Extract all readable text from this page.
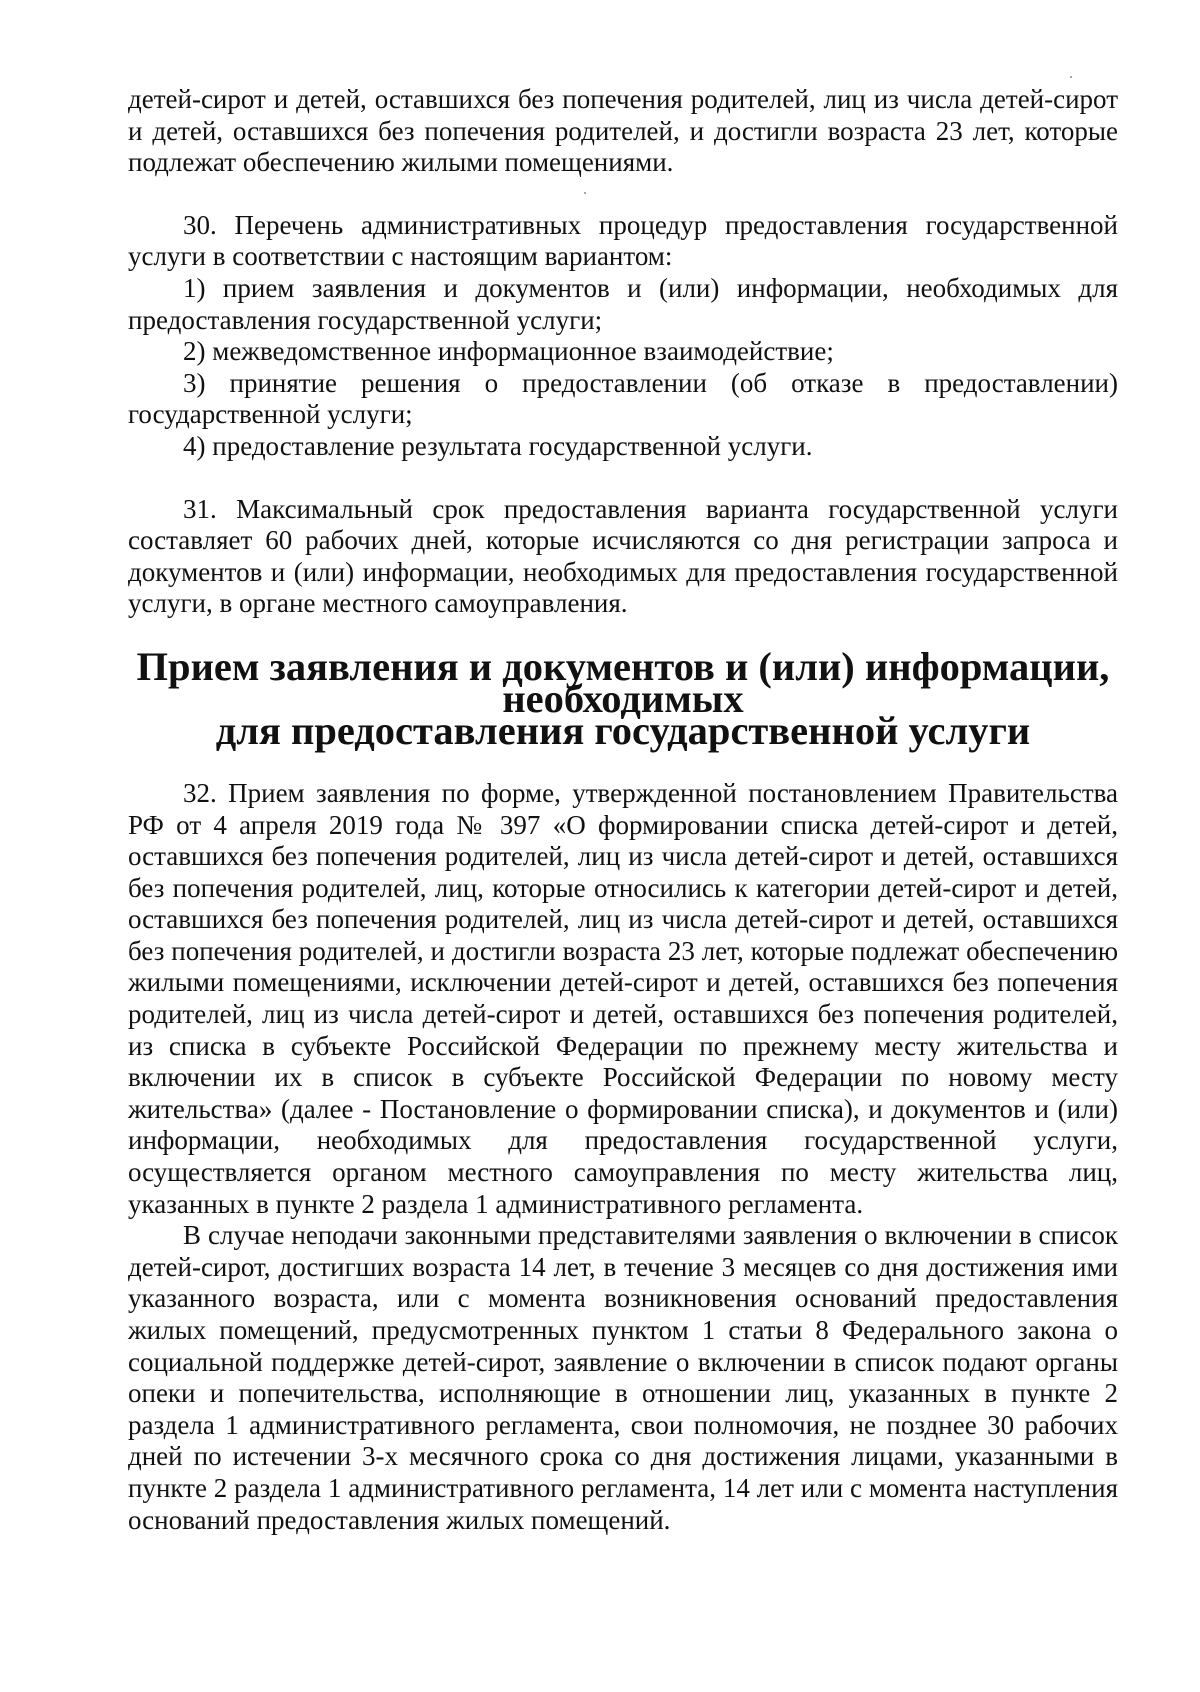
детей-сирот и детей, оставшихся без попечения родителей, лиц из числа детей-сирот и детей, оставшихся без попечения родителей, и достигли возраста 23 лет, которые подлежат обеспечению жилыми помещениями.

30. Перечень административных процедур предоставления государственной услуги в соответствии с настоящим вариантом:

1) прием заявления и документов и (или) информации, необходимых для предоставления государственной услуги;

2) межведомственное информационное взаимодействие;

3) принятие решения о предоставлении (об отказе в предоставлении) государственной услуги;

4) предоставление результата государственной услуги.

31. Максимальный срок предоставления варианта государственной услуги составляет 60 рабочих дней, которые исчисляются со дня регистрации запроса и документов и (или) информации, необходимых для предоставления государственной услуги, в органе местного самоуправления.

Прием заявления и документов и (или) информации, необходимых
для предоставления государственной услуги

32. Прием заявления по форме, утвержденной постановлением Правительства РФ от 4 апреля 2019 года № 397 «О формировании списка детей-сирот и детей, оставшихся без попечения родителей, лиц из числа детей-сирот и детей, оставшихся без попечения родителей, лиц, которые относились к категории детей-сирот и детей, оставшихся без попечения родителей, лиц из числа детей-сирот и детей, оставшихся без попечения родителей, и достигли возраста 23 лет, которые подлежат обеспечению жилыми помещениями, исключении детей-сирот и детей, оставшихся без попечения родителей, лиц из числа детей-сирот и детей, оставшихся без попечения родителей, из списка в субъекте Российской Федерации по прежнему месту жительства и включении их в список в субъекте Российской Федерации по новому месту жительства» (далее - Постановление о формировании списка), и документов и (или) информации, необходимых для предоставления государственной услуги, осуществляется органом местного самоуправления по месту жительства лиц, указанных в пункте 2 раздела 1 административного регламента.

В случае неподачи законными представителями заявления о включении в список детей-сирот, достигших возраста 14 лет, в течение 3 месяцев со дня достижения ими указанного возраста, или с момента возникновения оснований предоставления жилых помещений, предусмотренных пунктом 1 статьи 8 Федерального закона о социальной поддержке детей-сирот, заявление о включении в список подают органы опеки и попечительства, исполняющие в отношении лиц, указанных в пункте 2 раздела 1 административного регламента, свои полномочия, не позднее 30 рабочих дней по истечении 3-х месячного срока со дня достижения лицами, указанными в пункте 2 раздела 1 административного регламента, 14 лет или с момента наступления оснований предоставления жилых помещений.
